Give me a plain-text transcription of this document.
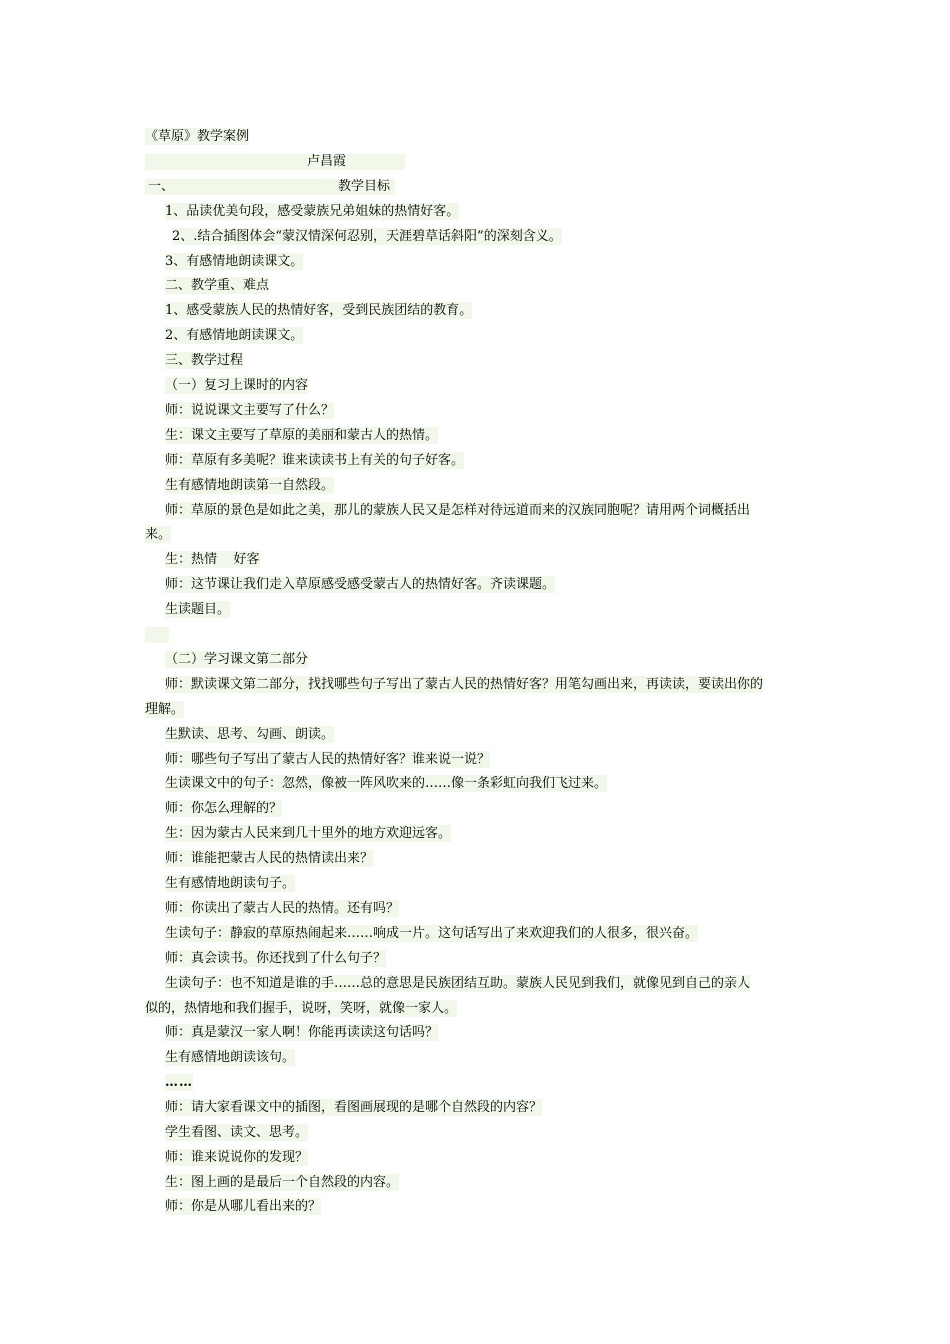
《草原》教学案例
卢昌霞
一、	教学目标
1、品读优美句段，感受蒙族兄弟姐妹的热情好客。
2、.结合插图体会“蒙汉情深何忍别，天涯碧草话斜阳”的深刻含义。
3、有感情地朗读课文。
二、教学重、难点
1、感受蒙族人民的热情好客，受到民族团结的教育。
2、有感情地朗读课文。
三、教学过程
（一）复习上课时的内容
师：说说课文主要写了什么？
生：课文主要写了草原的美丽和蒙古人的热情。
师：草原有多美呢？谁来读读书上有关的句子好客。
生有感情地朗读第一自然段。
师：草原的景色是如此之美，那儿的蒙族人民又是怎样对待远道而来的汉族同胞呢？请用两个词概括出
来。
生：热情    好客
师：这节课让我们走入草原感受感受蒙古人的热情好客。齐读课题。
生读题目。
（二）学习课文第二部分
师：默读课文第二部分，找找哪些句子写出了蒙古人民的热情好客？用笔勾画出来，再读读，要读出你的
理解。
生默读、思考、勾画、朗读。
师：哪些句子写出了蒙古人民的热情好客？谁来说一说？
生读课文中的句子：忽然，像被一阵风吹来的……像一条彩虹向我们飞过来。
师：你怎么理解的？
生：因为蒙古人民来到几十里外的地方欢迎远客。
师：谁能把蒙古人民的热情读出来？
生有感情地朗读句子。
师：你读出了蒙古人民的热情。还有吗？
生读句子：静寂的草原热闹起来……响成一片。这句话写出了来欢迎我们的人很多，很兴奋。
师：真会读书。你还找到了什么句子？
生读句子：也不知道是谁的手……总的意思是民族团结互助。蒙族人民见到我们，就像见到自己的亲人
似的，热情地和我们握手，说呀，笑呀，就像一家人。
师：真是蒙汉一家人啊！你能再读读这句话吗？
生有感情地朗读该句。
……
师：请大家看课文中的插图，看图画展现的是哪个自然段的内容？
学生看图、读文、思考。
师：谁来说说你的发现？
生：图上画的是最后一个自然段的内容。
师：你是从哪儿看出来的？
